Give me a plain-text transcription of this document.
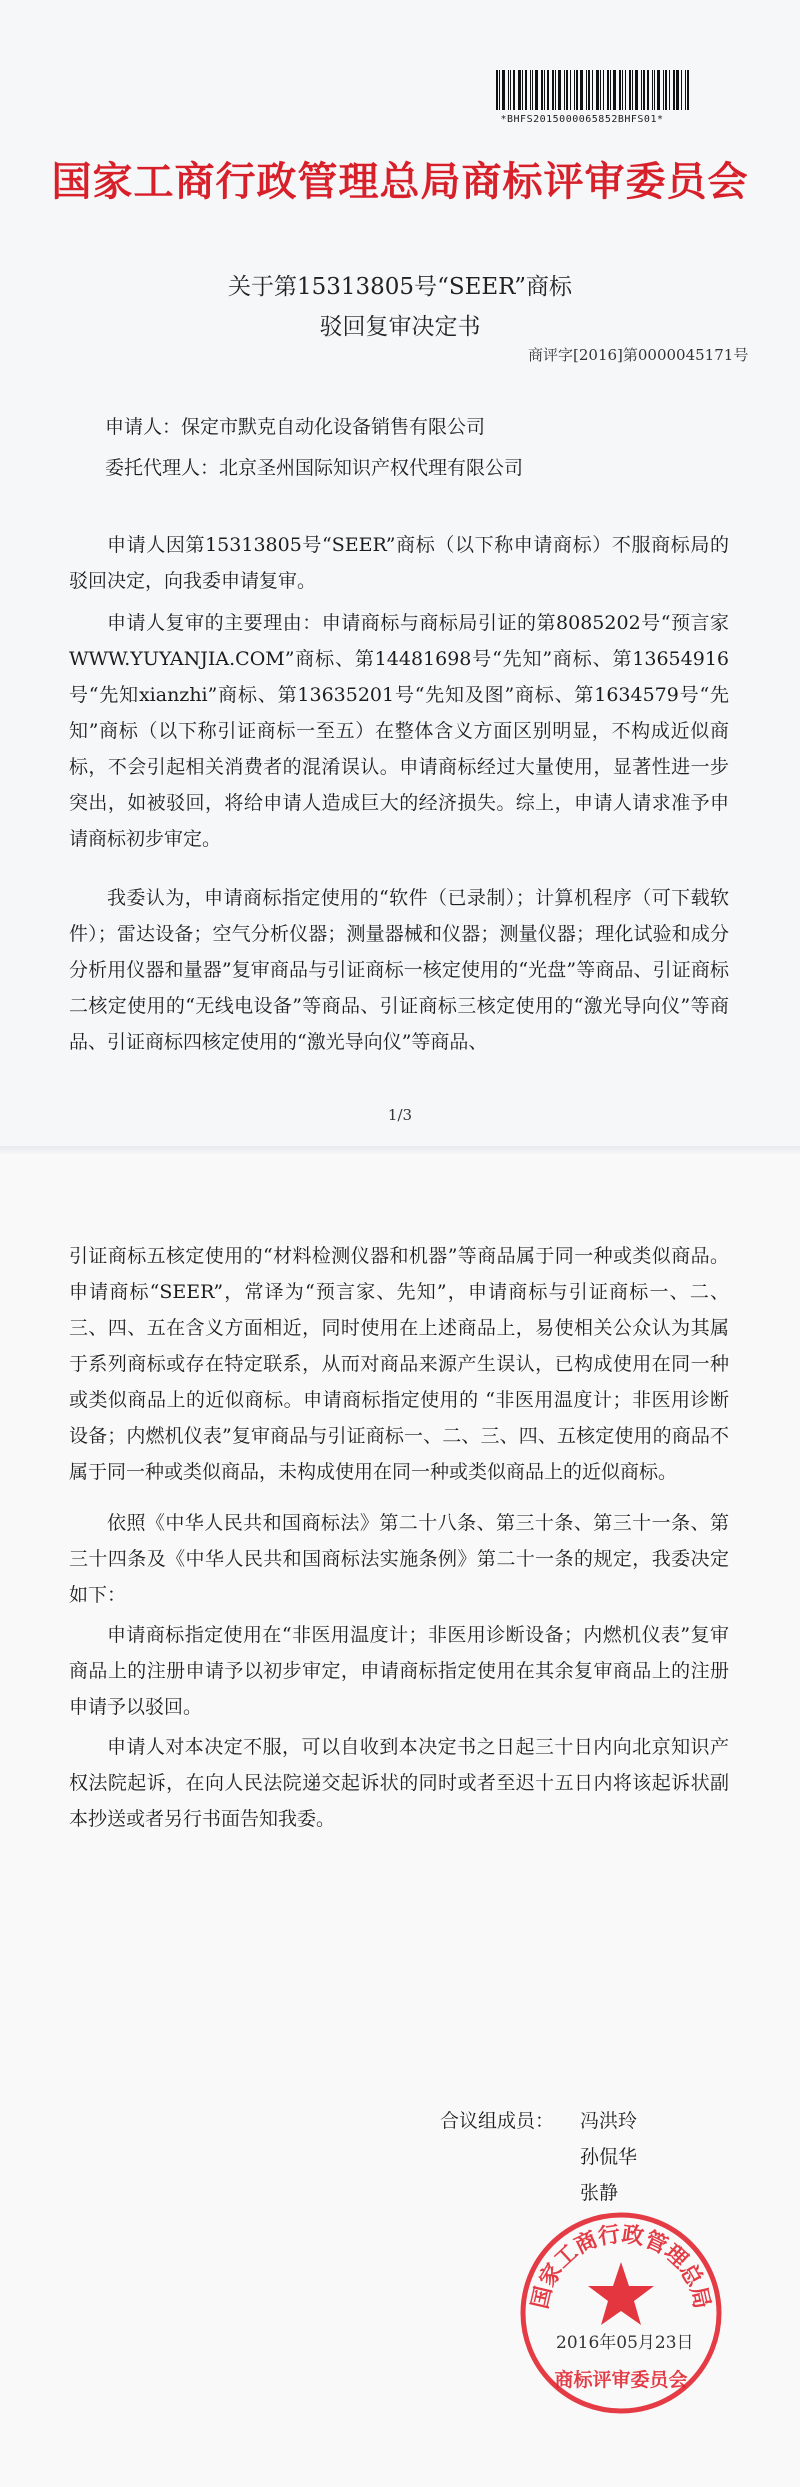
*BHFS2015000065852BHFS01*
国家工商行政管理总局商标评审委员会
关于第15313805号“SEER”商标
驳回复审决定书
商评字[2016]第0000045171号
申请人：保定市默克自动化设备销售有限公司
委托代理人：北京圣州国际知识产权代理有限公司
申请人因第15313805号“SEER”商标（以下称申请商标）不服商标局的驳回决定，向我委申请复审。
申请人复审的主要理由：申请商标与商标局引证的第8085202号“预言家 WWW.YUYANJIA.COM”商标、第14481698号“先知”商标、第13654916号“先知xianzhi”商标、第13635201号“先知及图”商标、第1634579号“先知”商标（以下称引证商标一至五）在整体含义方面区别明显，不构成近似商标，不会引起相关消费者的混淆误认。申请商标经过大量使用，显著性进一步突出，如被驳回，将给申请人造成巨大的经济损失。综上，申请人请求准予申请商标初步审定。
我委认为，申请商标指定使用的“软件（已录制）；计算机程序（可下载软件）；雷达设备；空气分析仪器；测量器械和仪器；测量仪器；理化试验和成分分析用仪器和量器”复审商品与引证商标一核定使用的“光盘”等商品、引证商标二核定使用的“无线电设备”等商品、引证商标三核定使用的“激光导向仪”等商品、引证商标四核定使用的“激光导向仪”等商品、
1/3
引证商标五核定使用的“材料检测仪器和机器”等商品属于同一种或类似商品。申请商标“SEER”，常译为“预言家、先知”，申请商标与引证商标一、二、三、四、五在含义方面相近，同时使用在上述商品上，易使相关公众认为其属于系列商标或存在特定联系，从而对商品来源产生误认，已构成使用在同一种或类似商品上的近似商标。申请商标指定使用的 “非医用温度计；非医用诊断设备；内燃机仪表”复审商品与引证商标一、二、三、四、五核定使用的商品不属于同一种或类似商品，未构成使用在同一种或类似商品上的近似商标。
依照《中华人民共和国商标法》第二十八条、第三十条、第三十一条、第三十四条及《中华人民共和国商标法实施条例》第二十一条的规定，我委决定如下：
申请商标指定使用在“非医用温度计；非医用诊断设备；内燃机仪表”复审商品上的注册申请予以初步审定，申请商标指定使用在其余复审商品上的注册申请予以驳回。
申请人对本决定不服，可以自收到本决定书之日起三十日内向北京知识产权法院起诉，在向人民法院递交起诉状的同时或者至迟十五日内将该起诉状副本抄送或者另行书面告知我委。
合议组成员： 冯洪玲
孙侃华
张静
国家工商行政管理总局
商标评审委员会
2016年05月23日
